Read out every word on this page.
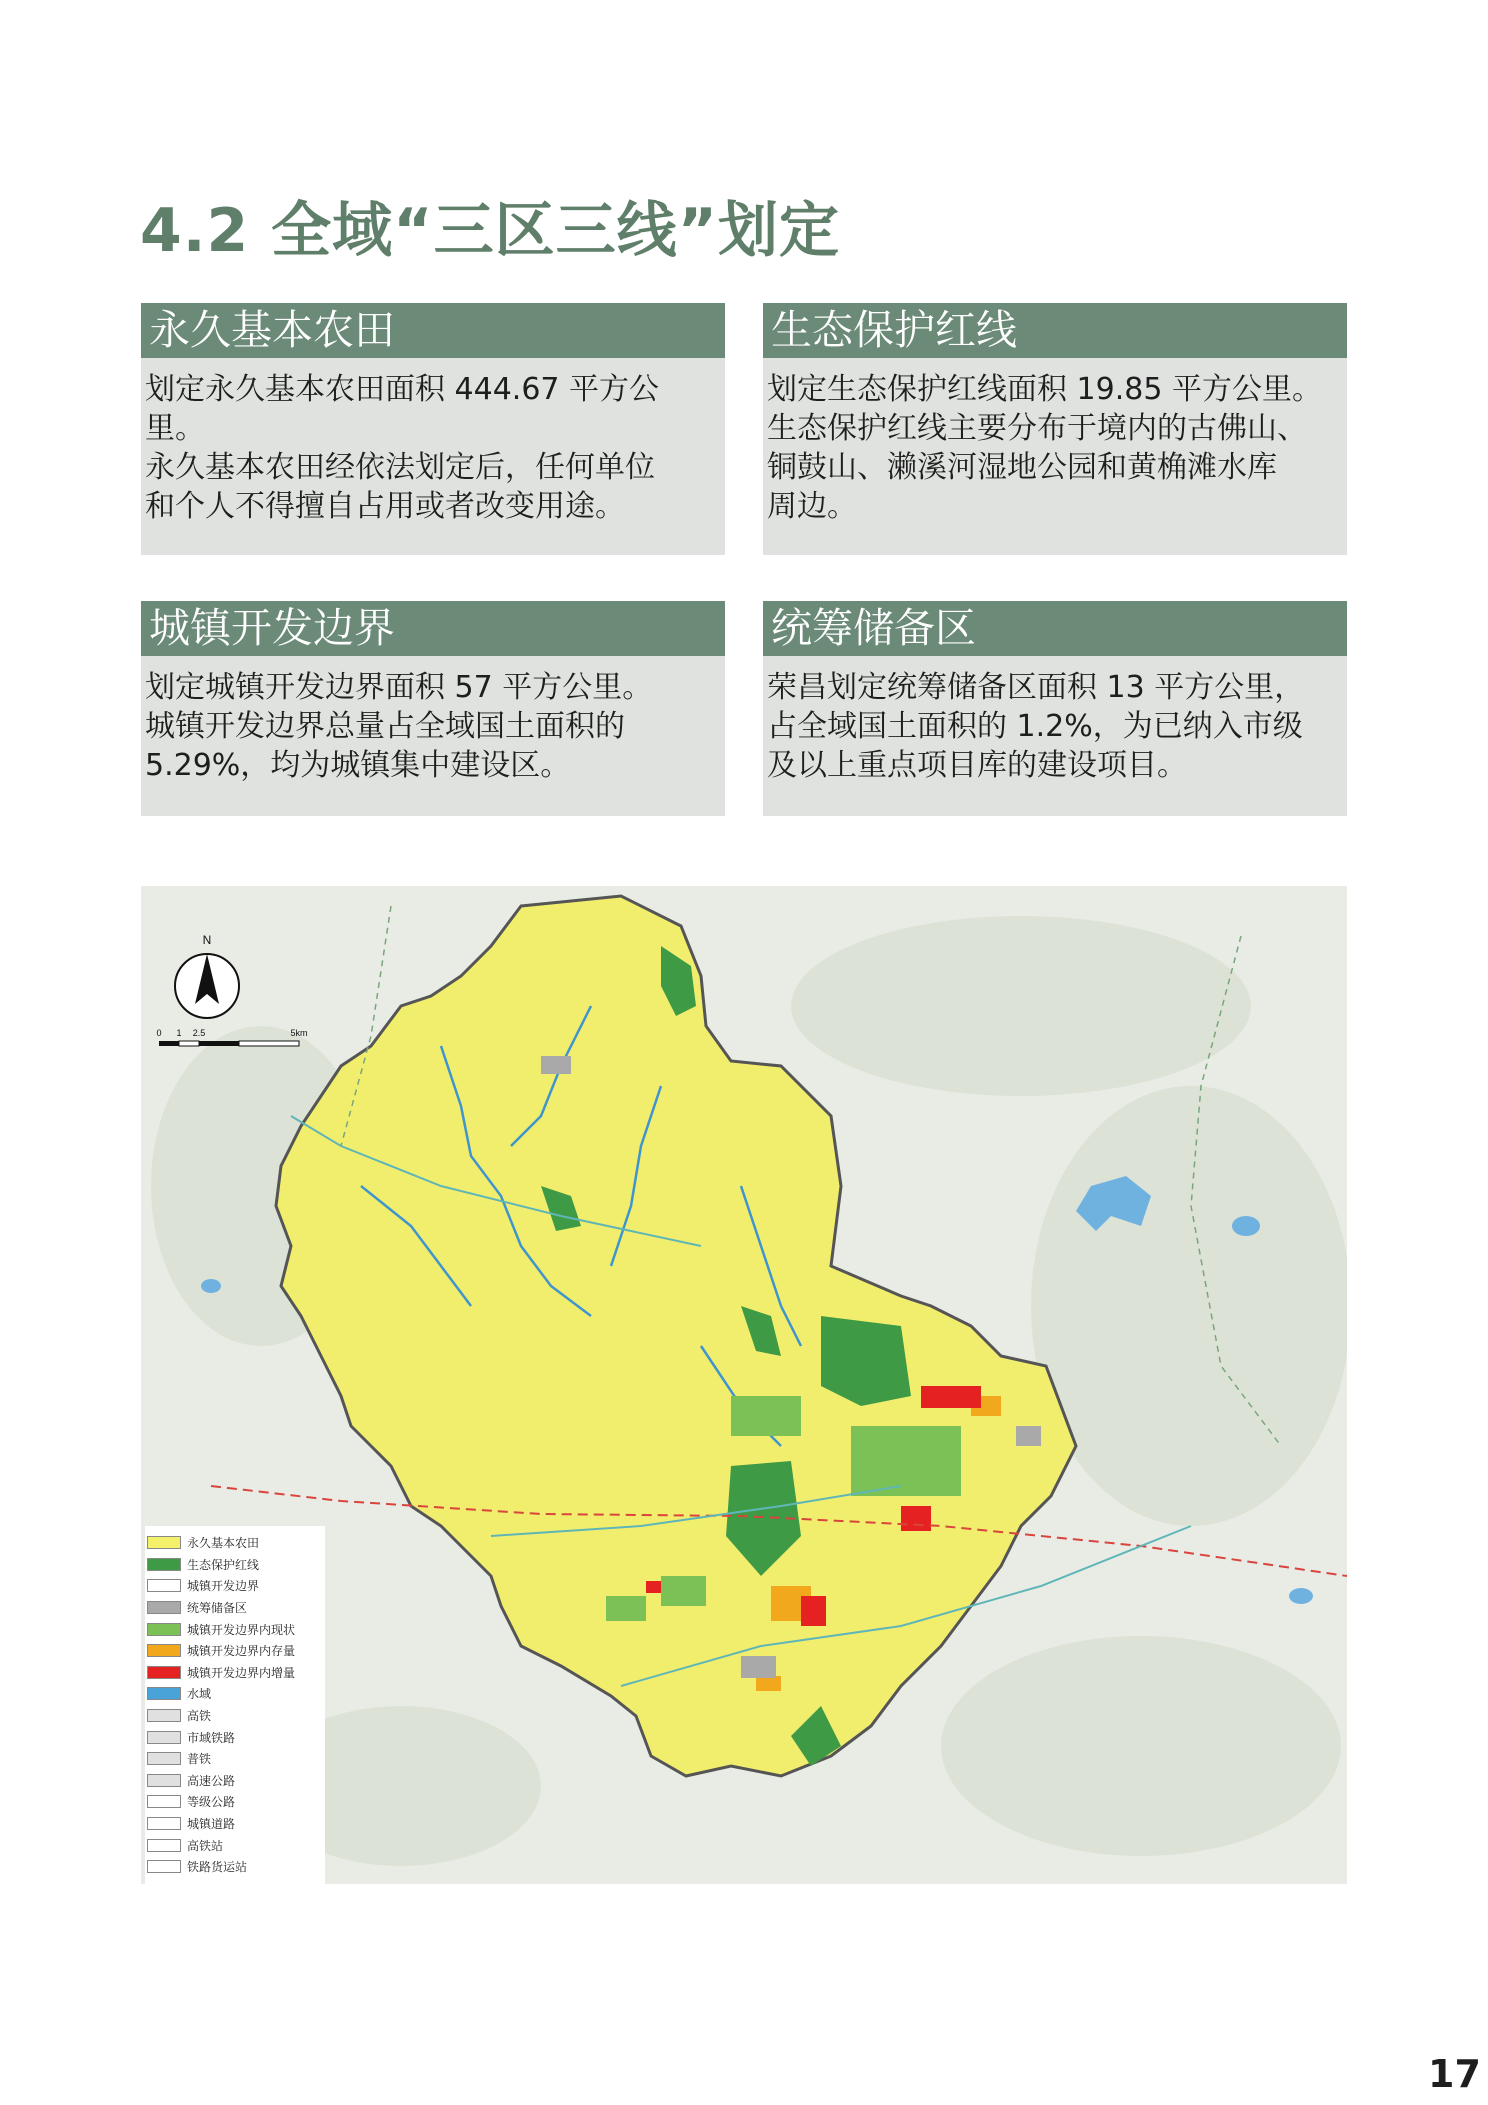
4.2 全域“三区三线”划定
永久基本农田
划定永久基本农田面积 444.67 平方公里。
永久基本农田经依法划定后，任何单位
和个人不得擅自占用或者改变用途。
生态保护红线
划定生态保护红线面积 19.85 平方公里。
生态保护红线主要分布于境内的古佛山、
铜鼓山、濑溪河湿地公园和黄桷滩水库
周边。
城镇开发边界
划定城镇开发边界面积 57 平方公里。
城镇开发边界总量占全域国土面积的
5.29%，均为城镇集中建设区。
统筹储备区
荣昌划定统筹储备区面积 13 平方公里，
占全域国土面积的 1.2%，为已纳入市级
及以上重点项目库的建设项目。
N
0 1 2.5	5km
永久基本农田
生态保护红线
城镇开发边界
统筹储备区
城镇开发边界内现状
城镇开发边界内存量
城镇开发边界内增量
水域
高铁
市域铁路
普铁
高速公路
等级公路
城镇道路
高铁站
铁路货运站
17
